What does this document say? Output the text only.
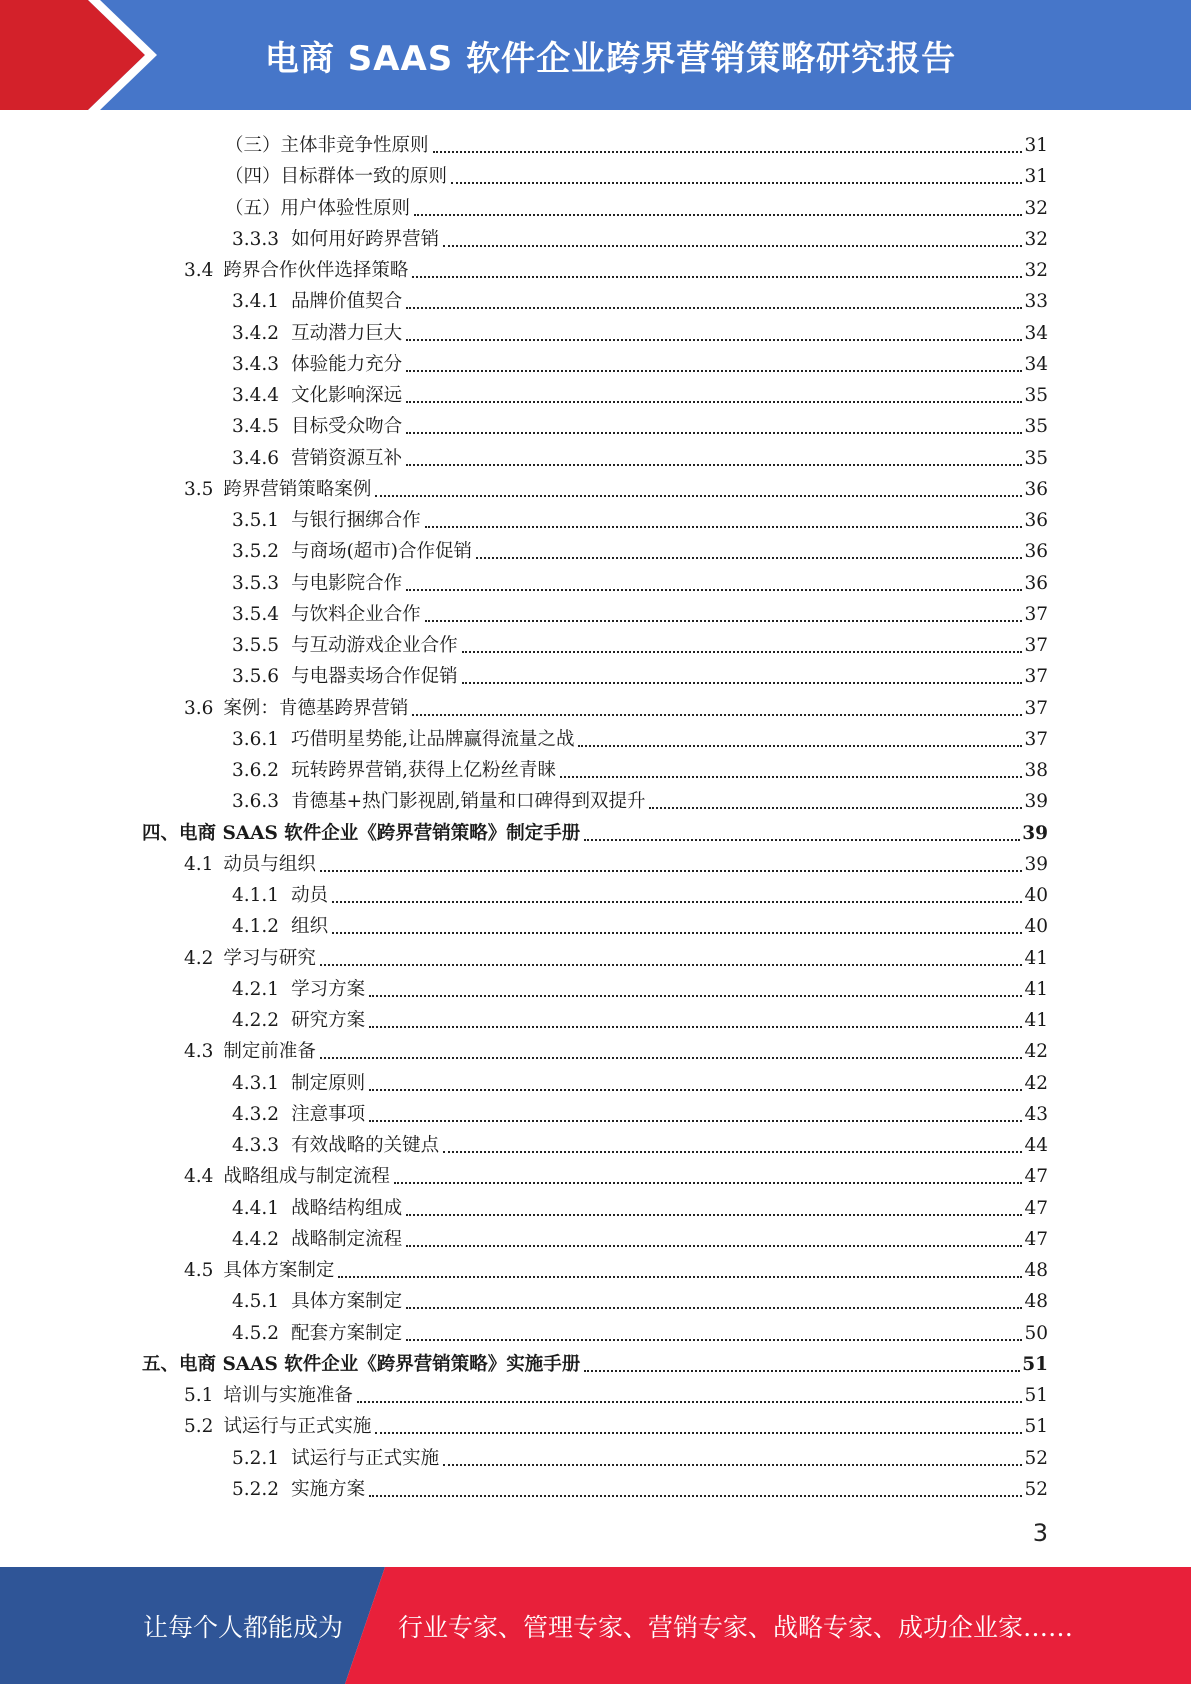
电商 SAAS 软件企业跨界营销策略研究报告
（三）主体非竞争性原则	31
（四）目标群体一致的原则	31
（五）用户体验性原则	32
3.3.3 如何用好跨界营销	32
3.4 跨界合作伙伴选择策略	32
3.4.1 品牌价值契合	33
3.4.2 互动潜力巨大	34
3.4.3 体验能力充分	34
3.4.4 文化影响深远	35
3.4.5 目标受众吻合	35
3.4.6 营销资源互补	35
3.5 跨界营销策略案例	36
3.5.1 与银行捆绑合作	36
3.5.2 与商场(超市)合作促销	36
3.5.3 与电影院合作	36
3.5.4 与饮料企业合作	37
3.5.5 与互动游戏企业合作	37
3.5.6 与电器卖场合作促销	37
3.6 案例：肯德基跨界营销	37
3.6.1 巧借明星势能,让品牌赢得流量之战	37
3.6.2 玩转跨界营销,获得上亿粉丝青睐	38
3.6.3 肯德基+热门影视剧,销量和口碑得到双提升	39
四、电商 SAAS 软件企业《跨界营销策略》制定手册	39
4.1 动员与组织	39
4.1.1 动员	40
4.1.2 组织	40
4.2 学习与研究	41
4.2.1 学习方案	41
4.2.2 研究方案	41
4.3 制定前准备	42
4.3.1 制定原则	42
4.3.2 注意事项	43
4.3.3 有效战略的关键点	44
4.4 战略组成与制定流程	47
4.4.1 战略结构组成	47
4.4.2 战略制定流程	47
4.5 具体方案制定	48
4.5.1 具体方案制定	48
4.5.2 配套方案制定	50
五、电商 SAAS 软件企业《跨界营销策略》实施手册	51
5.1 培训与实施准备	51
5.2 试运行与正式实施	51
5.2.1 试运行与正式实施	52
5.2.2 实施方案	52
3
让每个人都能成为 行业专家、管理专家、营销专家、战略专家、成功企业家……
